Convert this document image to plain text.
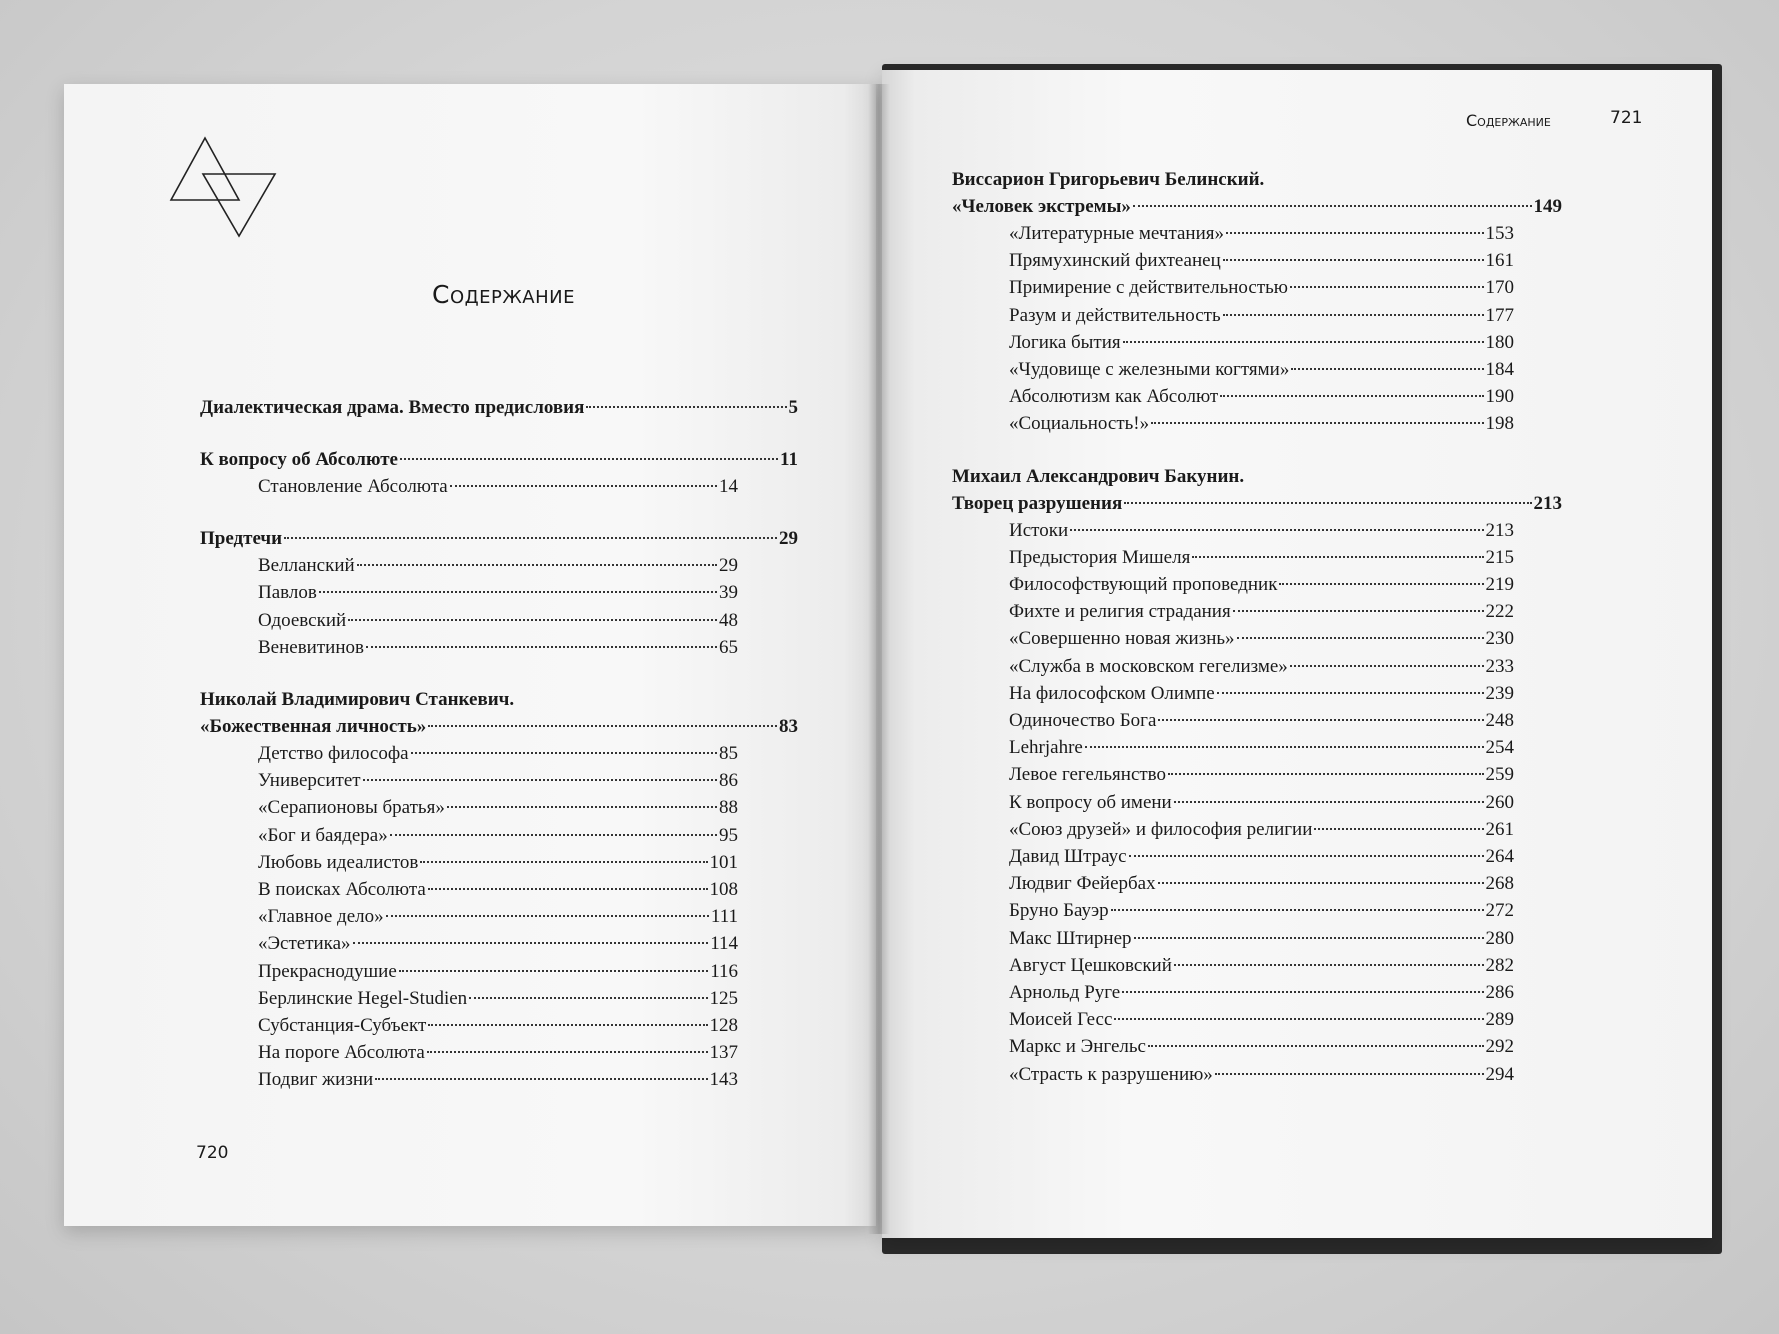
Содержание
720
Содержание	721
Диалектическая драма. Вместо предисловия	5
К вопросу об Абсолюте	11
Становление Абсолюта	14
Предтечи	29
Велланский	29
Павлов	39
Одоевский	48
Веневитинов	65
Николай Владимирович Станкевич.
«Божественная личность»	83
Детство философа	85
Университет	86
«Серапионовы братья»	88
«Бог и баядера»	95
Любовь идеалистов	101
В поисках Абсолюта	108
«Главное дело»	111
«Эстетика»	114
Прекраснодушие	116
Берлинские Hegel-Studien	125
Субстанция-Субъект	128
На пороге Абсолюта	137
Подвиг жизни	143
Виссарион Григорьевич Белинский.
«Человек экстремы»	149
«Литературные мечтания»	153
Прямухинский фихтеанец	161
Примирение с действительностью	170
Разум и действительность	177
Логика бытия	180
«Чудовище с железными когтями»	184
Абсолютизм как Абсолют	190
«Социальность!»	198
Михаил Александрович Бакунин.
Творец разрушения	213
Истоки	213
Предыстория Мишеля	215
Философствующий проповедник	219
Фихте и религия страдания	222
«Совершенно новая жизнь»	230
«Служба в московском гегелизме»	233
На философском Олимпе	239
Одиночество Бога	248
Lehrjahre	254
Левое гегельянство	259
К вопросу об имени	260
«Союз друзей» и философия религии	261
Давид Штраус	264
Людвиг Фейербах	268
Бруно Бауэр	272
Макс Штирнер	280
Август Цешковский	282
Арнольд Руге	286
Моисей Гесс	289
Маркс и Энгельс	292
«Страсть к разрушению»	294
